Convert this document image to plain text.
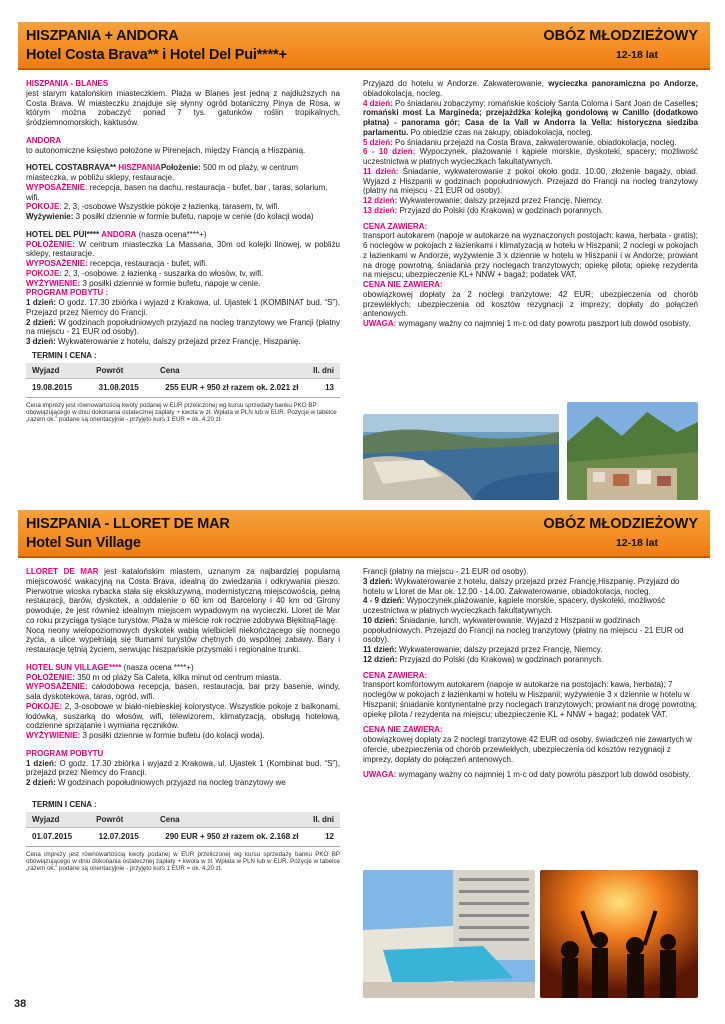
HISZPANIA + ANDORA
Hotel Costa Brava** i Hotel Del Pui****+
OBÓZ MŁODZIEŻOWY
12-18 lat
HISZPANIA - BLANES
jest starym katalońskim miasteczkiem. Plaża w Blanes jest jedną z najdłuższych na Costa Brava. W miasteczku znajduje się słynny ogród botaniczny Pinya de Rosa, w którym można zobaczyć ponad 7 tys. gatunków roślin tropikalnych, śródziemnomorskich, kaktusów.
ANDORA
to autonomiczne księstwo położone w Pirenejach, między Francją a Hiszpanią.
HOTEL COSTABRAVA** HISZPANIAPołożenie: 500 m od plaży, w centrum miasteczka, w pobliżu sklepy, restauracje.
WYPOSAŻENIE: recepcja, basen na dachu, restauracja - bufet, bar , taras, solarium, wifi.
POKOJE: 2, 3, -osobowe Wszystkie pokoje z łazienką, tarasem, tv, wifi.
Wyżywienie: 3 posiłki dziennie w formie bufetu, napoje w cenie (do kolacji woda)
HOTEL DEL PUI**** ANDORA (nasza ocena****+)
POŁOŻENIE: W centrum miasteczka La Massana, 30m od kolejki linowej, w pobliżu sklepy, restauracje.
WYPOSAŻENIE: recepcja, restauracja - bufet, wifi.
POKOJE: 2, 3, -osobowe. z łazienką - suszarka do włosów, tv, wifi.
WYŻYWIENIE: 3 posiłki dziennie w formie bufetu, napoje w cenie.
PROGRAM POBYTU :
1 dzień: O godz. 17.30 zbiórka i wyjazd z Krakowa, ul. Ujastek 1 (KOMBINAT bud. “S”). Przejazd przez Niemcy do Francji.
2 dzień: W godzinach popołudniowych przyjazd na nocleg tranzytowy we Francji (płatny na miejscu - 21 EUR od osoby).
3 dzień: Wykwaterowanie z hotelu, dalszy przejazd przez Francję, Hiszpanię.
TERMIN I CENA :
Wyjazd	Powrót	Cena	Il. dni
19.08.2015	31.08.2015	255 EUR + 950 zł razem ok. 2.021 zł	13
Cena imprezy jest równowartością kwoty podanej w EUR przeliczonej wg kursu sprzedaży banku PKO BP obowiązującego w dniu dokonania ostatecznej zapłaty + kwota w zł. Wpłata w PLN lub w EUR. Pozycje w tabelce „razem ok.” podane są orientacyjnie - przyjęto kurs 1 EUR = ok. 4,20 zł.
Przyjazd do hotelu w Andorze. Zakwaterowanie, wycieczka panoramiczna po Andorze, obiadokolacja, nocleg.
4 dzień: Po śniadaniu zobaczymy: romańskie kościoły Santa Coloma i Sant Joan de Caselles; romański most La Margineda; przejażdżka kolejką gondolową w Canillo (dodatkowo płatna) - panorama gór; Casa de la Vall w Andorra la Vella: historyczna siedziba parlamentu. Po obiedzie czas na zakupy, obiadokolacja, nocleg.
5 dzień: Po śniadaniu przejazd na Costa Brava, zakwaterowanie, obiadokolacja, nocleg.
6 - 10 dzień: Wypoczynek, plażowanie i kąpiele morskie, dyskoteki, spacery; możliwość uczestnictwa w płatnych wycieczkach fakultatywnych.
11 dzień: Śniadanie, wykwaterowanie z pokoi około godz. 10.00, złożenie bagaży, obiad. Wyjazd z Hiszpanii w godzinach popołudniowych. Przejazd do Francji na nocleg tranzytowy (płatny na miejscu - 21 EUR od osoby).
12 dzień: Wykwaterowanie; dalszy przejazd przez Francję, Niemcy.
13 dzień: Przyjazd do Polski (do Krakowa) w godzinach porannych.
CENA ZAWIERA:
transport autokarem (napoje w autokarze na wyznaczonych postojach: kawa, herbata - gratis); 6 noclegów w pokojach z łazienkami i klimatyzacją w hotelu w Hiszpanii; 2 noclegi w pokojach z łazienkami w Andorze; wyżywienie 3 x dziennie w hotelu w Hiszpanii i w Andorze; prowiant na drogę powrotną, śniadania przy noclegach tranzytowych; opiekę pilota; opiekę rezydenta na miejscu; ubezpieczenie KL+ NNW + bagaż; podatek VAT.
CENA NIE ZAWIERA:
obowiązkowej dopłaty za 2 noclegi tranzytowe: 42 EUR; ubezpieczenia od chorób przewlekłych; ubezpieczenia od kosztów rezygnacji z imprezy; dopłaty do połączeń antenowych.
UWAGA: wymagany ważny co najmniej 1 m-c od daty powrotu paszport lub dowód osobisty.
HISZPANIA - LLORET DE MAR
Hotel Sun Village
OBÓZ MŁODZIEŻOWY
12-18 lat
LLORET DE MAR jest katalońskim miastem, uznanym za najbardziej popularną miejscowość wakacyjną na Costa Brava, idealną do zwiedzania i odkrywania pieszo. Pierwotnie wioska rybacka stała się ekskluzywną, modernistyczną miejscowością, pełną restauracji, barów, dyskotek, a oddalenie o 60 km od Barcelony i 40 km od Girony powoduje, że jest również idealnym miejscem wypadowym na wycieczki. Lloret de Mar co roku przyciąga tysiące turystów. Plaża w mieście rok rocznie zdobywa BłękitnąFlagę.
Nocą neony wielopoziomowych dyskotek wabią wielbicieli niekończącego się nocnego życia, a ulice wypełniają się tłumami turystów chętnych do wspólnej zabawy. Bary i restauracje tętnią życiem, serwując hiszpańskie przysmaki i regionalne trunki.
HOTEL SUN VILLAGE**** (nasza ocena ****+)
POŁOŻENIE: 350 m od plaży Sa Caleta, kilka minut od centrum miasta.
WYPOSAŻENIE: całodobowa recepcja, basen, restauracja, bar przy basenie, windy, sala dyskotekowa, taras, ogród, wifi.
POKOJE: 2, 3-osobowe w biało-niebieskiej kolorystyce. Wszystkie pokoje z balkonami, łodówką, suszarką do włosów, wifi, telewizorem, klimatyzacją, obsługą hotelową, codzienne sprzątanie i wymiana ręczników.
WYŻYWIENIE: 3 posiłki dziennie w formie bufetu (do kolacji woda).
PROGRAM POBYTU
1 dzień: O godz. 17.30 zbiórka i wyjazd z Krakowa, ul. Ujastek 1 (Kombinat bud. “S”), przejazd przez Niemcy do Francji.
2 dzień: W godzinach popołudniowych przyjazd na nocleg tranzytowy we
TERMIN I CENA :
Wyjazd	Powrót	Cena	Il. dni
01.07.2015	12.07.2015	290 EUR + 950 zł razem ok. 2.168 zł	12
Cena imprezy jest równowartością kwoty podanej w EUR przeliczonej wg kursu sprzedaży banku PKO BP obowiązującego w dniu dokonania ostatecznej zapłaty + kwota w zł. Wpłata w PLN lub w EUR. Pozycje w tabelce „razem ok.” podane są orientacyjnie - przyjęto kurs 1 EUR = ok. 4,20 zł.
Francji (płatny na miejscu - 21 EUR od osoby).
3 dzień: Wykwaterowanie z hotelu, dalszy przejazd przez Francję,Hiszpanię. Przyjazd do hotelu w Lloret de Mar ok. 12.00 - 14.00. Zakwaterowanie, obiadokolacja, nocleg.
4 - 9 dzień: Wypoczynek,plażowanie, kąpiele morskie, spacery, dyskoteki, możliwość uczestnictwa w płatnych wycieczkach fakultatywnych.
10 dzień: Śniadanie, lunch, wykwaterowanie. Wyjazd z Hiszpanii w godzinach popołudniowych. Przejazd do Francji na nocleg tranzytowy (płatny na miejscu - 21 EUR od osoby).
11 dzień: Wykwaterowanie; dalszy przejazd przez Francję, Niemcy.
12 dzień: Przyjazd do Polski (do Krakowa) w godzinach porannych.
CENA ZAWIERA:
transport komfortowym autokarem (napoje w autokarze na postojach: kawa, herbata); 7 noclegów w pokojach z łazienkami w hotelu w Hiszpanii; wyżywienie 3 x dziennie w hotelu w Hiszpanii; śniadanie kontynentalne przy noclegach tranzytowych; prowiant na drogę powrotną; opiekę pilota / rezydenta na miejscu; ubezpieczenie KL + NNW + bagaż; podatek VAT.
CENA NIE ZAWIERA:
obowiązkowej dopłaty za 2 noclegi tranzytowe 42 EUR od osoby, świadczeń nie zawartych w ofercie, ubezpieczenia od chorób przewlekłych, ubezpieczenia od kosztów rezygnacji z imprezy, dopłaty do połączeń antenowych.
UWAGA: wymagany ważny co najmniej 1 m-c od daty powrotu paszport lub dowód osobisty.
38
